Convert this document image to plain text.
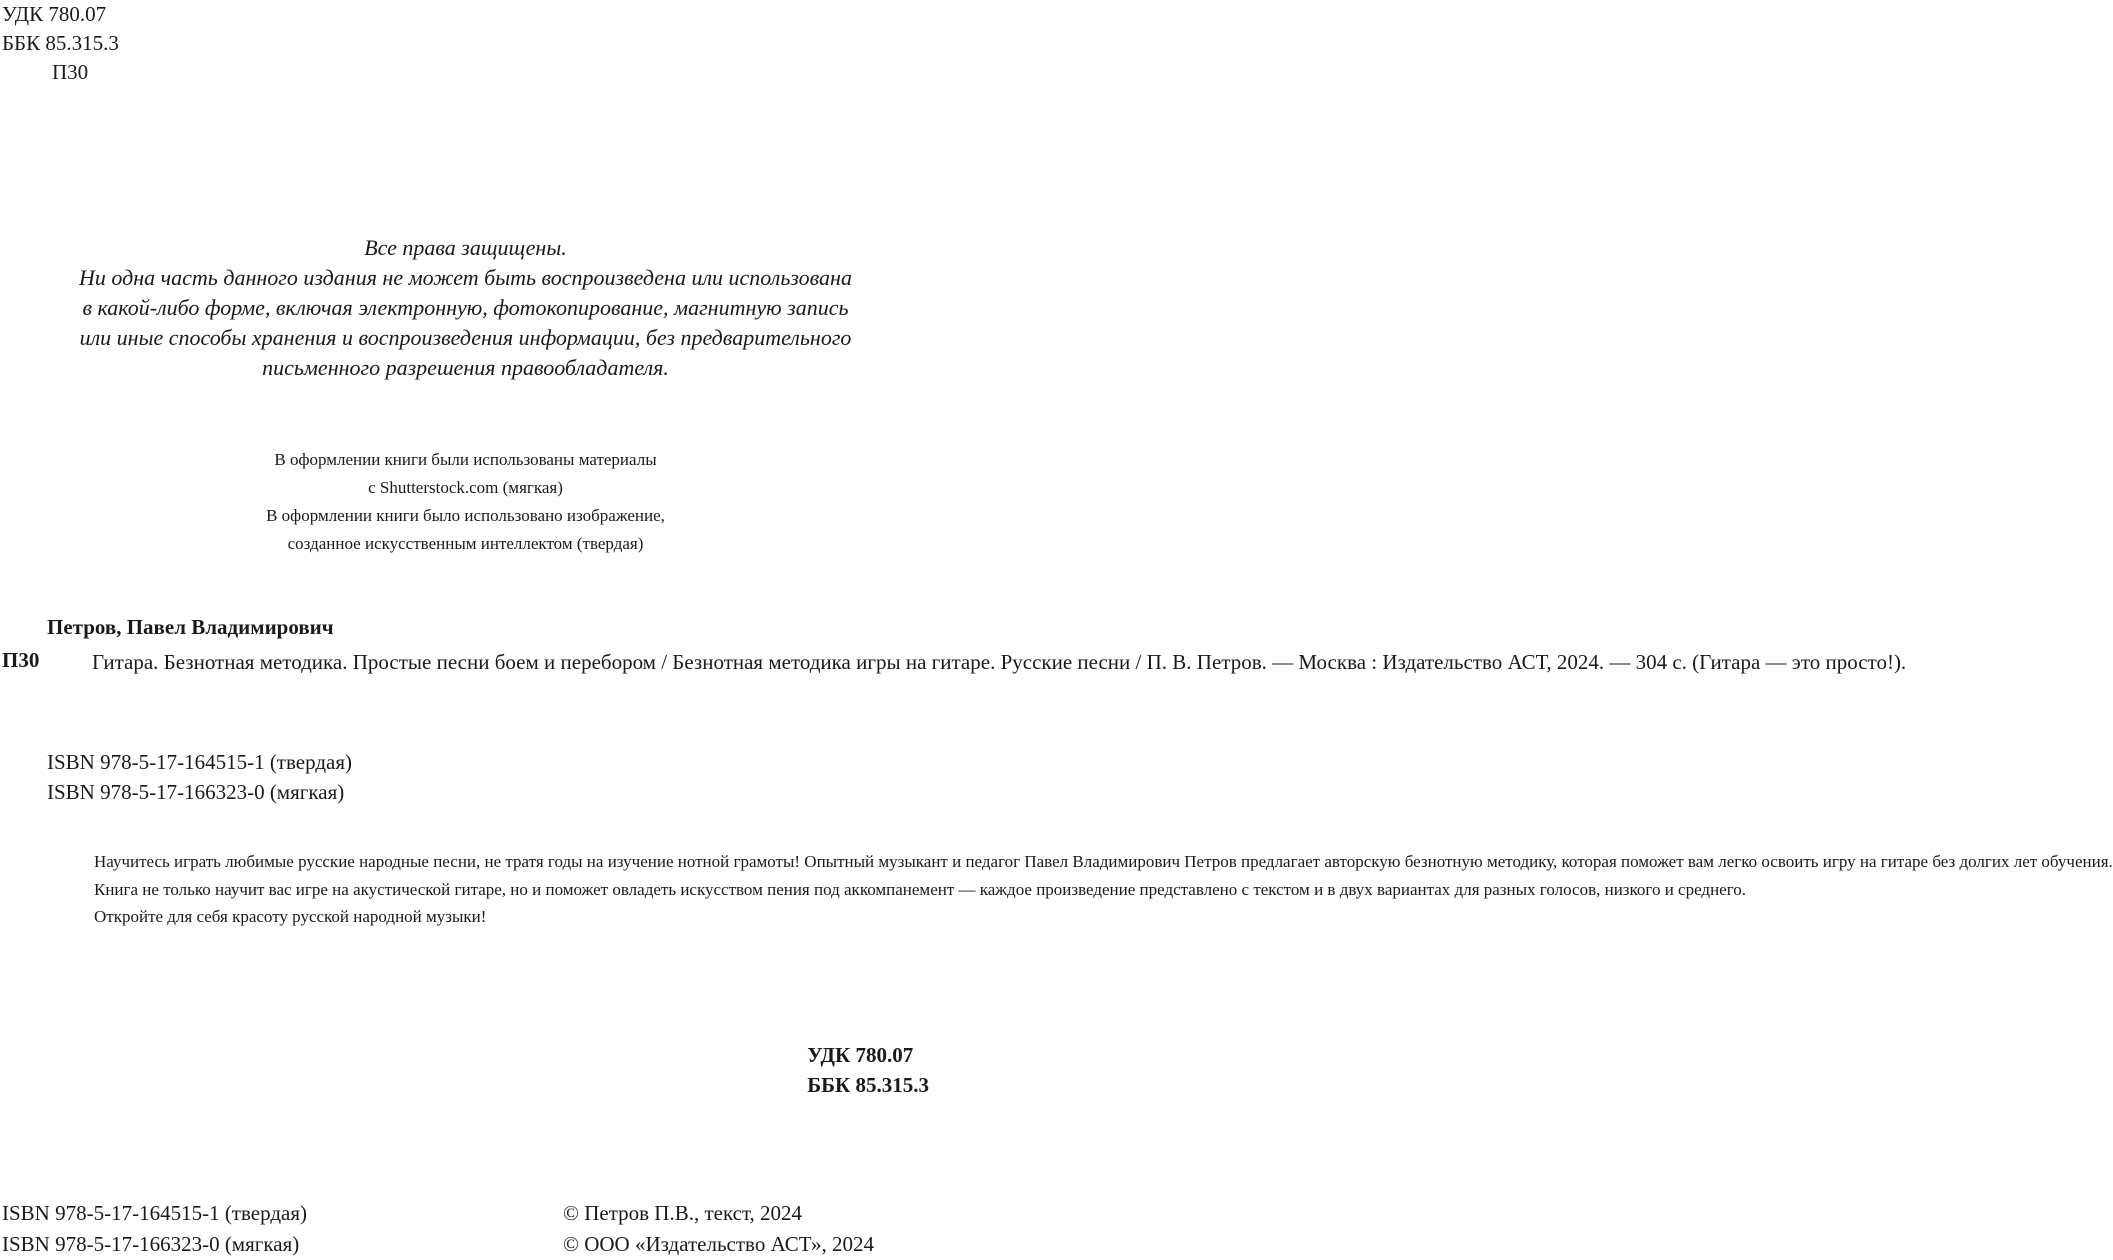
УДК 780.07
ББК 85.315.3
П30
Все права защищены.
Ни одна часть данного издания не может быть воспроизведена или использована
в какой-либо форме, включая электронную, фотокопирование, магнитную запись
или иные способы хранения и воспроизведения информации, без предварительного
письменного разрешения правообладателя.
В оформлении книги были использованы материалы
с Shutterstock.com (мягкая)
В оформлении книги было использовано изображение,
созданное искусственным интеллектом (твердая)
Петров, Павел Владимирович
П30	Гитара. Безнотная методика. Простые песни боем и перебором / Безнотная методика игры на гитаре. Русские песни / П. В. Петров. — Москва : Издательство АСТ, 2024. — 304 с. (Гитара — это просто!).
ISBN 978-5-17-164515-1 (твердая)
ISBN 978-5-17-166323-0 (мягкая)

Научитесь играть любимые русские народные песни, не тратя годы на изучение нотной грамоты! Опытный музыкант и педагог Павел Владимирович Петров предлагает авторскую безнотную методику, которая поможет вам легко освоить игру на гитаре без долгих лет обучения.

Книга не только научит вас игре на акустической гитаре, но и поможет овладеть искусством пения под аккомпанемент — каждое произведение представлено с текстом и в двух вариантах для разных голосов, низкого и среднего.

Откройте для себя красоту русской народной музыки!

УДК 780.07
ББК 85.315.3
ISBN 978-5-17-164515-1 (твердая)
ISBN 978-5-17-166323-0 (мягкая)
© Петров П.В., текст, 2024
© ООО «Издательство АСТ», 2024
